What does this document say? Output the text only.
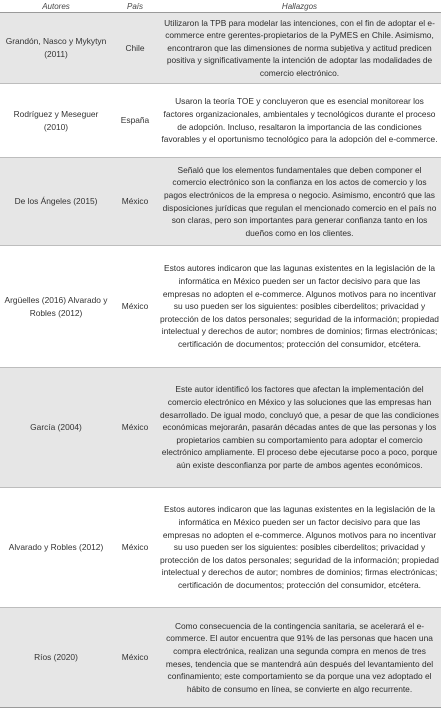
Autores	País	Hallazgos
Grandón, Nasco y Mykytyn (2011)	Chile	Utilizaron la TPB para modelar las intenciones, con el fin de adoptar el e-commerce entre gerentes-propietarios de la PyMES en Chile. Asimismo, encontraron que las dimensiones de norma subjetiva y actitud predicen positiva y significativamente la intención de adoptar las modalidades de comercio electrónico.
Rodríguez y Meseguer (2010)	España	Usaron la teoría TOE y concluyeron que es esencial monitorear los factores organizacionales, ambientales y tecnológicos durante el proceso de adopción. Incluso, resaltaron la importancia de las condiciones favorables y el oportunismo tecnológico para la adopción del e-commerce.
De los Ángeles (2015)	México	Señaló que los elementos fundamentales que deben componer el comercio electrónico son la confianza en los actos de comercio y los pagos electrónicos de la empresa o negocio. Asimismo, encontró que las disposiciones jurídicas que regulan el mencionado comercio en el país no son claras, pero son importantes para generar confianza tanto en los dueños como en los clientes.
Argüelles (2016) Alvarado y Robles (2012)	México	Estos autores indicaron que las lagunas existentes en la legislación de la informática en México pueden ser un factor decisivo para que las empresas no adopten el e-commerce. Algunos motivos para no incentivar su uso pueden ser los siguientes: posibles ciberdelitos; privacidad y protección de los datos personales; seguridad de la información; propiedad intelectual y derechos de autor; nombres de dominios; firmas electrónicas; certificación de documentos; protección del consumidor, etcétera.
García (2004)	México	Este autor identificó los factores que afectan la implementación del comercio electrónico en México y las soluciones que las empresas han desarrollado. De igual modo, concluyó que, a pesar de que las condiciones económicas mejorarán, pasarán décadas antes de que las personas y los propietarios cambien su comportamiento para adoptar el comercio electrónico ampliamente. El proceso debe ejecutarse poco a poco, porque aún existe desconfianza por parte de ambos agentes económicos.
Alvarado y Robles (2012)	México	Estos autores indicaron que las lagunas existentes en la legislación de la informática en México pueden ser un factor decisivo para que las empresas no adopten el e-commerce. Algunos motivos para no incentivar su uso pueden ser los siguientes: posibles ciberdelitos; privacidad y protección de los datos personales; seguridad de la información; propiedad intelectual y derechos de autor; nombres de dominios; firmas electrónicas; certificación de documentos; protección del consumidor, etcétera.
Ríos (2020)	México	Como consecuencia de la contingencia sanitaria, se acelerará el e-commerce. El autor encuentra que 91% de las personas que hacen una compra electrónica, realizan una segunda compra en menos de tres meses, tendencia que se mantendrá aún después del levantamiento del confinamiento; este comportamiento se da porque una vez adoptado el hábito de consumo en línea, se convierte en algo recurrente.
